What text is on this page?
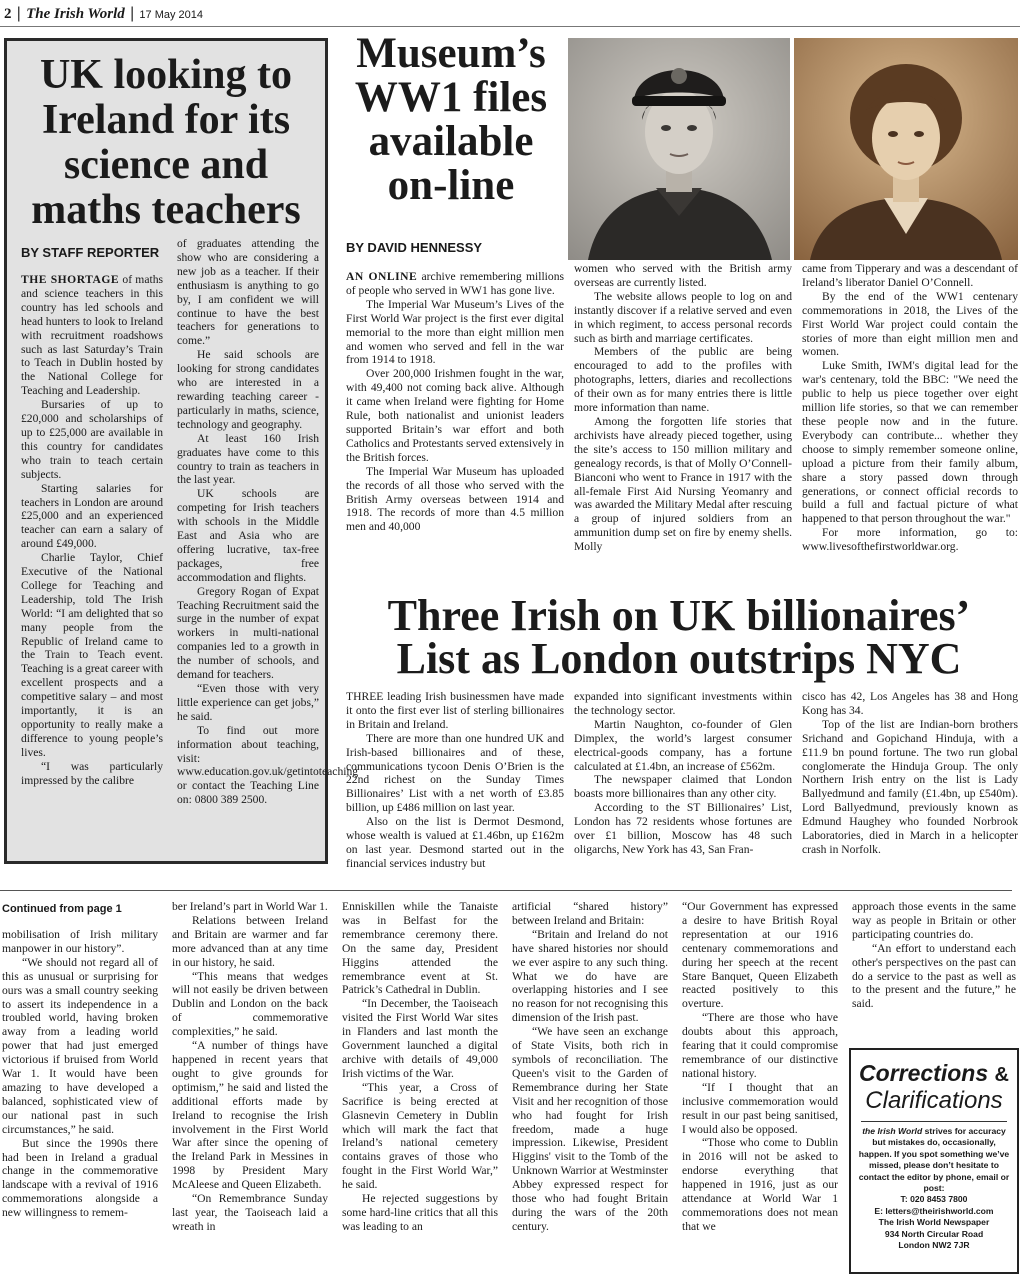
2 | The Irish World | 17 May 2014
UK looking to Ireland for its science and maths teachers
BY STAFF REPORTER

THE SHORTAGE of maths and science teachers in this country has led schools and head hunters to look to Ireland with recruitment roadshows such as last Saturday’s Train to Teach in Dublin hosted by the National College for Teaching and Leadership.

Bursaries of up to £20,000 and scholarships of up to £25,000 are available in this country for candidates who train to teach certain subjects.

Starting salaries for teachers in London are around £25,000 and an experienced teacher can earn a salary of around £49,000.

Charlie Taylor, Chief Executive of the National College for Teaching and Leadership, told The Irish World: “I am delighted that so many people from the Republic of Ireland came to the Train to Teach event. Teaching is a great career with excellent prospects and a competitive salary – and most importantly, it is an opportunity to really make a difference to young people’s lives.

“I was particularly impressed by the calibre

of graduates attending the show who are considering a new job as a teacher. If their enthusiasm is anything to go by, I am confident we will continue to have the best teachers for generations to come.”

He said schools are looking for strong candidates who are interested in a rewarding teaching career - particularly in maths, science, technology and geography.

At least 160 Irish graduates have come to this country to train as teachers in the last year.

UK schools are competing for Irish teachers with schools in the Middle East and Asia who are offering lucrative, tax-free packages, free accommodation and flights.

Gregory Rogan of Expat Teaching Recruitment said the surge in the number of expat workers in multi-national companies led to a growth in the number of schools, and demand for teachers.

“Even those with very little experience can get jobs,” he said.

To find out more information about teaching, visit: www.education.gov.uk/getintoteaching or contact the Teaching Line on: 0800 389 2500.

Museum’s WW1 files available on-line
BY DAVID HENNESSY

AN ONLINE archive remembering millions of people who served in WW1 has gone live.

The Imperial War Museum’s Lives of the First World War project is the first ever digital memorial to the more than eight million men and women who served and fell in the war from 1914 to 1918.

Over 200,000 Irishmen fought in the war, with 49,400 not coming back alive. Although it came when Ireland were fighting for Home Rule, both nationalist and unionist leaders supported Britain’s war effort and both Catholics and Protestants served extensively in the British forces.

The Imperial War Museum has uploaded the records of all those who served with the British Army overseas between 1914 and 1918. The records of more than 4.5 million men and 40,000

women who served with the British army overseas are currently listed.

The website allows people to log on and instantly discover if a relative served and even in which regiment, to access personal records such as birth and marriage certificates.

Members of the public are being encouraged to add to the profiles with photographs, letters, diaries and recollections of their own as for many entries there is little more information than name.

Among the forgotten life stories that archivists have already pieced together, using the site’s access to 150 million military and genealogy records, is that of Molly O’Connell-Bianconi who went to France in 1917 with the all-female First Aid Nursing Yeomanry and was awarded the Military Medal after rescuing a group of injured soldiers from an ammunition dump set on fire by enemy shells. Molly

came from Tipperary and was a descendant of Ireland’s liberator Daniel O’Connell.

By the end of the WW1 centenary commemorations in 2018, the Lives of the First World War project could contain the stories of more than eight million men and women.

Luke Smith, IWM's digital lead for the war's centenary, told the BBC: "We need the public to help us piece together over eight million life stories, so that we can remember these people now and in the future. Everybody can contribute... whether they choose to simply remember someone online, upload a picture from their family album, share a story passed down through generations, or connect official records to build a full and factual picture of what happened to that person throughout the war."

For more information, go to: www.livesofthefirstworldwar.org.

Three Irish on UK billionaires’
List as London outstrips NYC

THREE leading Irish businessmen have made it onto the first ever list of sterling billionaires in Britain and Ireland.

There are more than one hundred UK and Irish-based billionaires and of these, communications tycoon Denis O’Brien is the 22nd richest on the Sunday Times Billionaires’ List with a net worth of £3.85 billion, up £486 million on last year.

Also on the list is Dermot Desmond, whose wealth is valued at £1.46bn, up £162m on last year. Desmond started out in the financial services industry but

expanded into significant investments within the technology sector.

Martin Naughton, co-founder of Glen Dimplex, the world’s largest consumer electrical-goods company, has a fortune calculated at £1.4bn, an increase of £562m.

The newspaper claimed that London boasts more billionaires than any other city.

According to the ST Billionaires’ List, London has 72 residents whose fortunes are over £1 billion, Moscow has 48 such oligarchs, New York has 43, San Fran-

cisco has 42, Los Angeles has 38 and Hong Kong has 34.

Top of the list are Indian-born brothers Srichand and Gopichand Hinduja, with a £11.9 bn pound fortune. The two run global conglomerate the Hinduja Group. The only Northern Irish entry on the list is Lady Ballyedmund and family (£1.4bn, up £540m). Lord Ballyedmund, previously known as Edmund Haughey who founded Norbrook Laboratories, died in March in a helicopter crash in Norfolk.

Continued from page 1

mobilisation of Irish military manpower in our history”.

“We should not regard all of this as unusual or surprising for ours was a small country seeking to assert its independence in a troubled world, having broken away from a leading world power that had just emerged victorious if bruised from World War 1. It would have been amazing to have developed a balanced, sophisticated view of our national past in such circumstances,” he said.

But since the 1990s there had been in Ireland a gradual change in the commemorative landscape with a revival of 1916 commemorations alongside a new willingness to remem-

ber Ireland’s part in World War 1.

Relations between Ireland and Britain are warmer and far more advanced than at any time in our history, he said.

“This means that wedges will not easily be driven between Dublin and London on the back of commemorative complexities,” he said.

“A number of things have happened in recent years that ought to give grounds for optimism,” he said and listed the additional efforts made by Ireland to recognise the Irish involvement in the First World War after since the opening of the Ireland Park in Messines in 1998 by President Mary McAleese and Queen Elizabeth.

“On Remembrance Sunday last year, the Taoiseach laid a wreath in

Enniskillen while the Tanaiste was in Belfast for the remembrance ceremony there. On the same day, President Higgins attended the remembrance event at St. Patrick’s Cathedral in Dublin.

“In December, the Taoiseach visited the First World War sites in Flanders and last month the Government launched a digital archive with details of 49,000 Irish victims of the War.

“This year, a Cross of Sacrifice is being erected at Glasnevin Cemetery in Dublin which will mark the fact that Ireland’s national cemetery contains graves of those who fought in the First World War,” he said.

He rejected suggestions by some hard-line critics that all this was leading to an

artificial “shared history” between Ireland and Britain:

“Britain and Ireland do not have shared histories nor should we ever aspire to any such thing. What we do have are overlapping histories and I see no reason for not recognising this dimension of the Irish past.

“We have seen an exchange of State Visits, both rich in symbols of reconciliation. The Queen's visit to the Garden of Remembrance during her State Visit and her recognition of those who had fought for Irish freedom, made a huge impression. Likewise, President Higgins' visit to the Tomb of the Unknown Warrior at Westminster Abbey expressed respect for those who had fought Britain during the wars of the 20th century.

“Our Government has expressed a desire to have British Royal representation at our 1916 centenary commemorations and during her speech at the recent Stare Banquet, Queen Elizabeth reacted positively to this overture.

“There are those who have doubts about this approach, fearing that it could compromise remembrance of our distinctive national history.

“If I thought that an inclusive commemoration would result in our past being sanitised, I would also be opposed.

“Those who come to Dublin in 2016 will not be asked to endorse everything that happened in 1916, just as our attendance at World War 1 commemorations does not mean that we

approach those events in the same way as people in Britain or other participating countries do.

“An effort to understand each other's perspectives on the past can do a service to the past as well as to the present and the future,” he said.

Corrections &
Clarifications
the Irish World strives for accuracy but mistakes do, occasionally, happen. If you spot something we’ve missed, please don’t hesitate to contact the editor by phone, email or post:
T: 020 8453 7800
E: letters@theirishworld.com
The Irish World Newspaper
934 North Circular Road
London NW2 7JR
